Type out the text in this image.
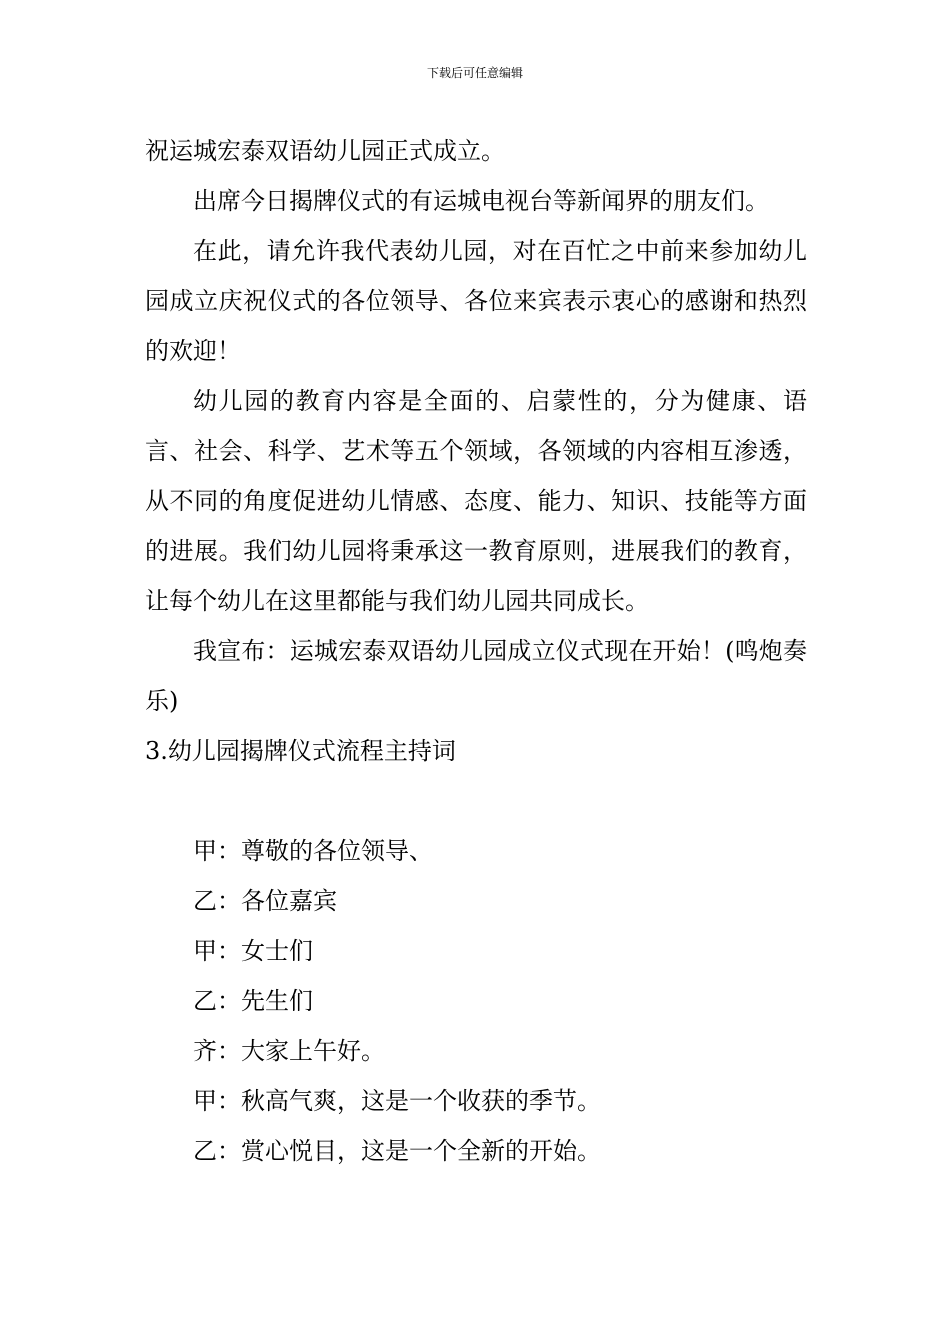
下载后可任意编辑

祝运城宏泰双语幼儿园正式成立。

出席今日揭牌仪式的有运城电视台等新闻界的朋友们。

在此，请允许我代表幼儿园，对在百忙之中前来参加幼儿园成立庆祝仪式的各位领导、各位来宾表示衷心的感谢和热烈的欢迎！

幼儿园的教育内容是全面的、启蒙性的，分为健康、语言、社会、科学、艺术等五个领域，各领域的内容相互渗透，从不同的角度促进幼儿情感、态度、能力、知识、技能等方面的进展。我们幼儿园将秉承这一教育原则，进展我们的教育，让每个幼儿在这里都能与我们幼儿园共同成长。

我宣布：运城宏泰双语幼儿园成立仪式现在开始！(鸣炮奏乐)

3.幼儿园揭牌仪式流程主持词

甲：尊敬的各位领导、

乙：各位嘉宾

甲：女士们

乙：先生们

齐：大家上午好。

甲：秋高气爽，这是一个收获的季节。

乙：赏心悦目，这是一个全新的开始。
